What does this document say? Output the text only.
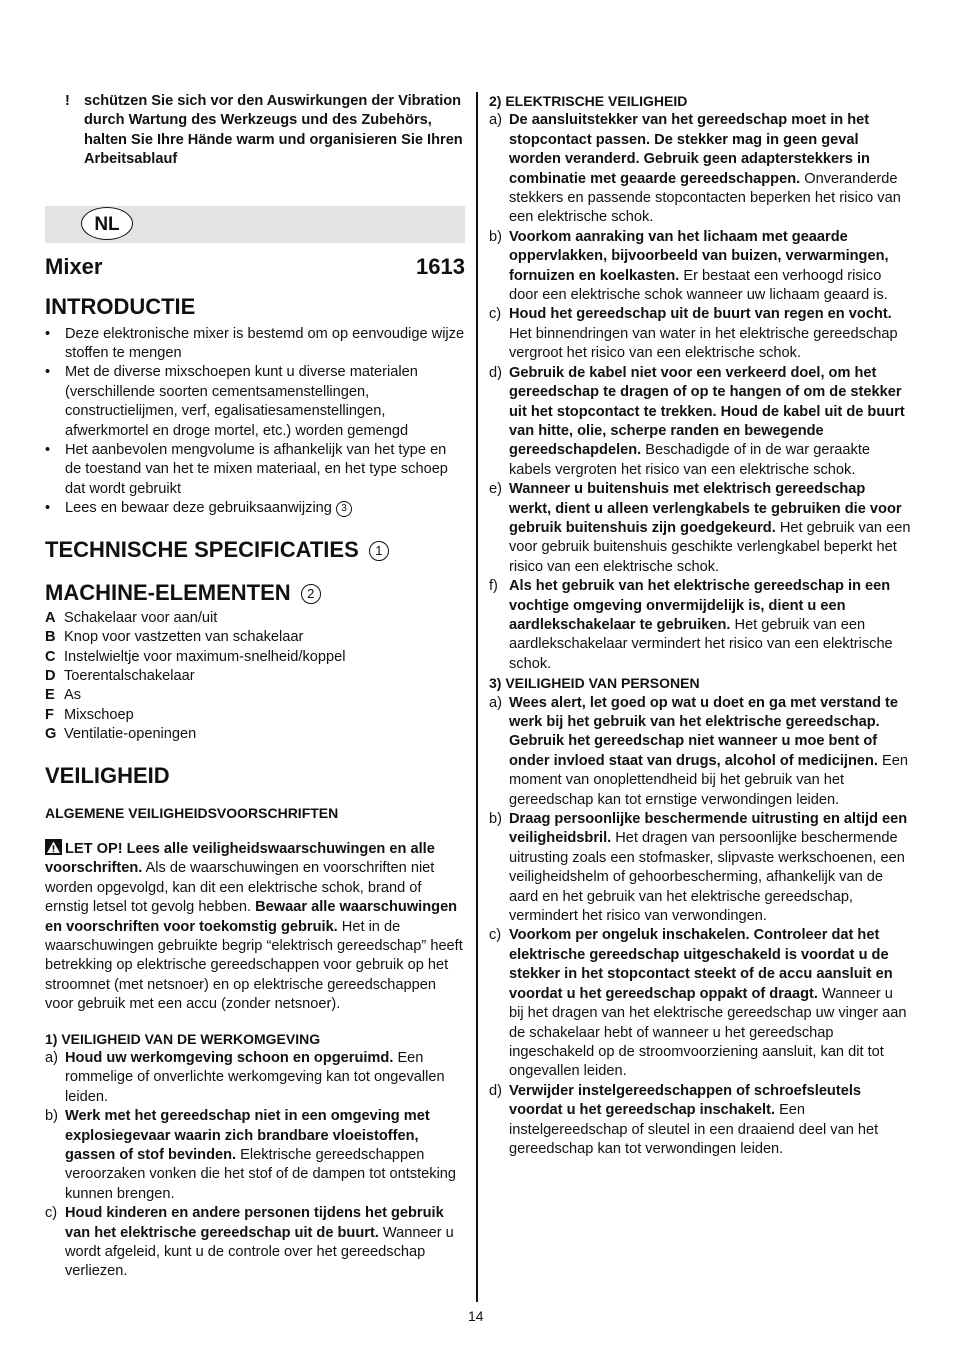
! schützen Sie sich vor den Auswirkungen der Vibration durch Wartung des Werkzeugs und des Zubehörs, halten Sie Ihre Hände warm und organisieren Sie Ihren Arbeitsablauf
NL
Mixer	1613
INTRODUCTIE
• Deze elektronische mixer is bestemd om op eenvoudige wijze stoffen te mengen
• Met de diverse mixschoepen kunt u diverse materialen (verschillende soorten cementsamenstellingen, constructielijmen, verf, egalisatiesamenstellingen, afwerkmortel en droge mortel, etc.) worden gemengd
• Het aanbevolen mengvolume is afhankelijk van het type en de toestand van het te mixen materiaal, en het type schoep dat wordt gebruikt
• Lees en bewaar deze gebruiksaanwijzing 3
TECHNISCHE SPECIFICATIES 1
MACHINE-ELEMENTEN 2
A Schakelaar voor aan/uit
B Knop voor vastzetten van schakelaar
C Instelwieltje voor maximum-snelheid/koppel
D Toerentalschakelaar
E As
F Mixschoep
G Ventilatie-openingen
VEILIGHEID
ALGEMENE VEILIGHEIDSVOORSCHRIFTEN

LET OP! Lees alle veiligheidswaarschuwingen en alle voorschriften. Als de waarschuwingen en voorschriften niet worden opgevolgd, kan dit een elektrische schok, brand of ernstig letsel tot gevolg hebben. Bewaar alle waarschuwingen en voorschriften voor toekomstig gebruik. Het in de waarschuwingen gebruikte begrip “elektrisch gereedschap” heeft betrekking op elektrische gereedschappen voor gebruik op het stroomnet (met netsnoer) en op elektrische gereedschappen voor gebruik met een accu (zonder netsnoer).

1) VEILIGHEID VAN DE WERKOMGEVING
a) Houd uw werkomgeving schoon en opgeruimd. Een rommelige of onverlichte werkomgeving kan tot ongevallen leiden.
b) Werk met het gereedschap niet in een omgeving met explosiegevaar waarin zich brandbare vloeistoffen, gassen of stof bevinden. Elektrische gereedschappen veroorzaken vonken die het stof of de dampen tot ontsteking kunnen brengen.
c) Houd kinderen en andere personen tijdens het gebruik van het elektrische gereedschap uit de buurt. Wanneer u wordt afgeleid, kunt u de controle over het gereedschap verliezen.
2) ELEKTRISCHE VEILIGHEID
a) De aansluitstekker van het gereedschap moet in het stopcontact passen. De stekker mag in geen geval worden veranderd. Gebruik geen adapterstekkers in combinatie met geaarde gereedschappen. Onveranderde stekkers en passende stopcontacten beperken het risico van een elektrische schok.
b) Voorkom aanraking van het lichaam met geaarde oppervlakken, bijvoorbeeld van buizen, verwarmingen, fornuizen en koelkasten. Er bestaat een verhoogd risico door een elektrische schok wanneer uw lichaam geaard is.
c) Houd het gereedschap uit de buurt van regen en vocht. Het binnendringen van water in het elektrische gereedschap vergroot het risico van een elektrische schok.
d) Gebruik de kabel niet voor een verkeerd doel, om het gereedschap te dragen of op te hangen of om de stekker uit het stopcontact te trekken. Houd de kabel uit de buurt van hitte, olie, scherpe randen en bewegende gereedschapdelen. Beschadigde of in de war geraakte kabels vergroten het risico van een elektrische schok.
e) Wanneer u buitenshuis met elektrisch gereedschap werkt, dient u alleen verlengkabels te gebruiken die voor gebruik buitenshuis zijn goedgekeurd. Het gebruik van een voor gebruik buitenshuis geschikte verlengkabel beperkt het risico van een elektrische schok.
f) Als het gebruik van het elektrische gereedschap in een vochtige omgeving onvermijdelijk is, dient u een aardlekschakelaar te gebruiken. Het gebruik van een aardlekschakelaar vermindert het risico van een elektrische schok.
3) VEILIGHEID VAN PERSONEN
a) Wees alert, let goed op wat u doet en ga met verstand te werk bij het gebruik van het elektrische gereedschap. Gebruik het gereedschap niet wanneer u moe bent of onder invloed staat van drugs, alcohol of medicijnen. Een moment van onoplettendheid bij het gebruik van het gereedschap kan tot ernstige verwondingen leiden.
b) Draag persoonlijke beschermende uitrusting en altijd een veiligheidsbril. Het dragen van persoonlijke beschermende uitrusting zoals een stofmasker, slipvaste werkschoenen, een veiligheidshelm of gehoorbescherming, afhankelijk van de aard en het gebruik van het elektrische gereedschap, vermindert het risico van verwondingen.
c) Voorkom per ongeluk inschakelen. Controleer dat het elektrische gereedschap uitgeschakeld is voordat u de stekker in het stopcontact steekt of de accu aansluit en voordat u het gereedschap oppakt of draagt. Wanneer u bij het dragen van het elektrische gereedschap uw vinger aan de schakelaar hebt of wanneer u het gereedschap ingeschakeld op de stroomvoorziening aansluit, kan dit tot ongevallen leiden.
d) Verwijder instelgereedschappen of schroefsleutels voordat u het gereedschap inschakelt. Een instelgereedschap of sleutel in een draaiend deel van het gereedschap kan tot verwondingen leiden.
14
